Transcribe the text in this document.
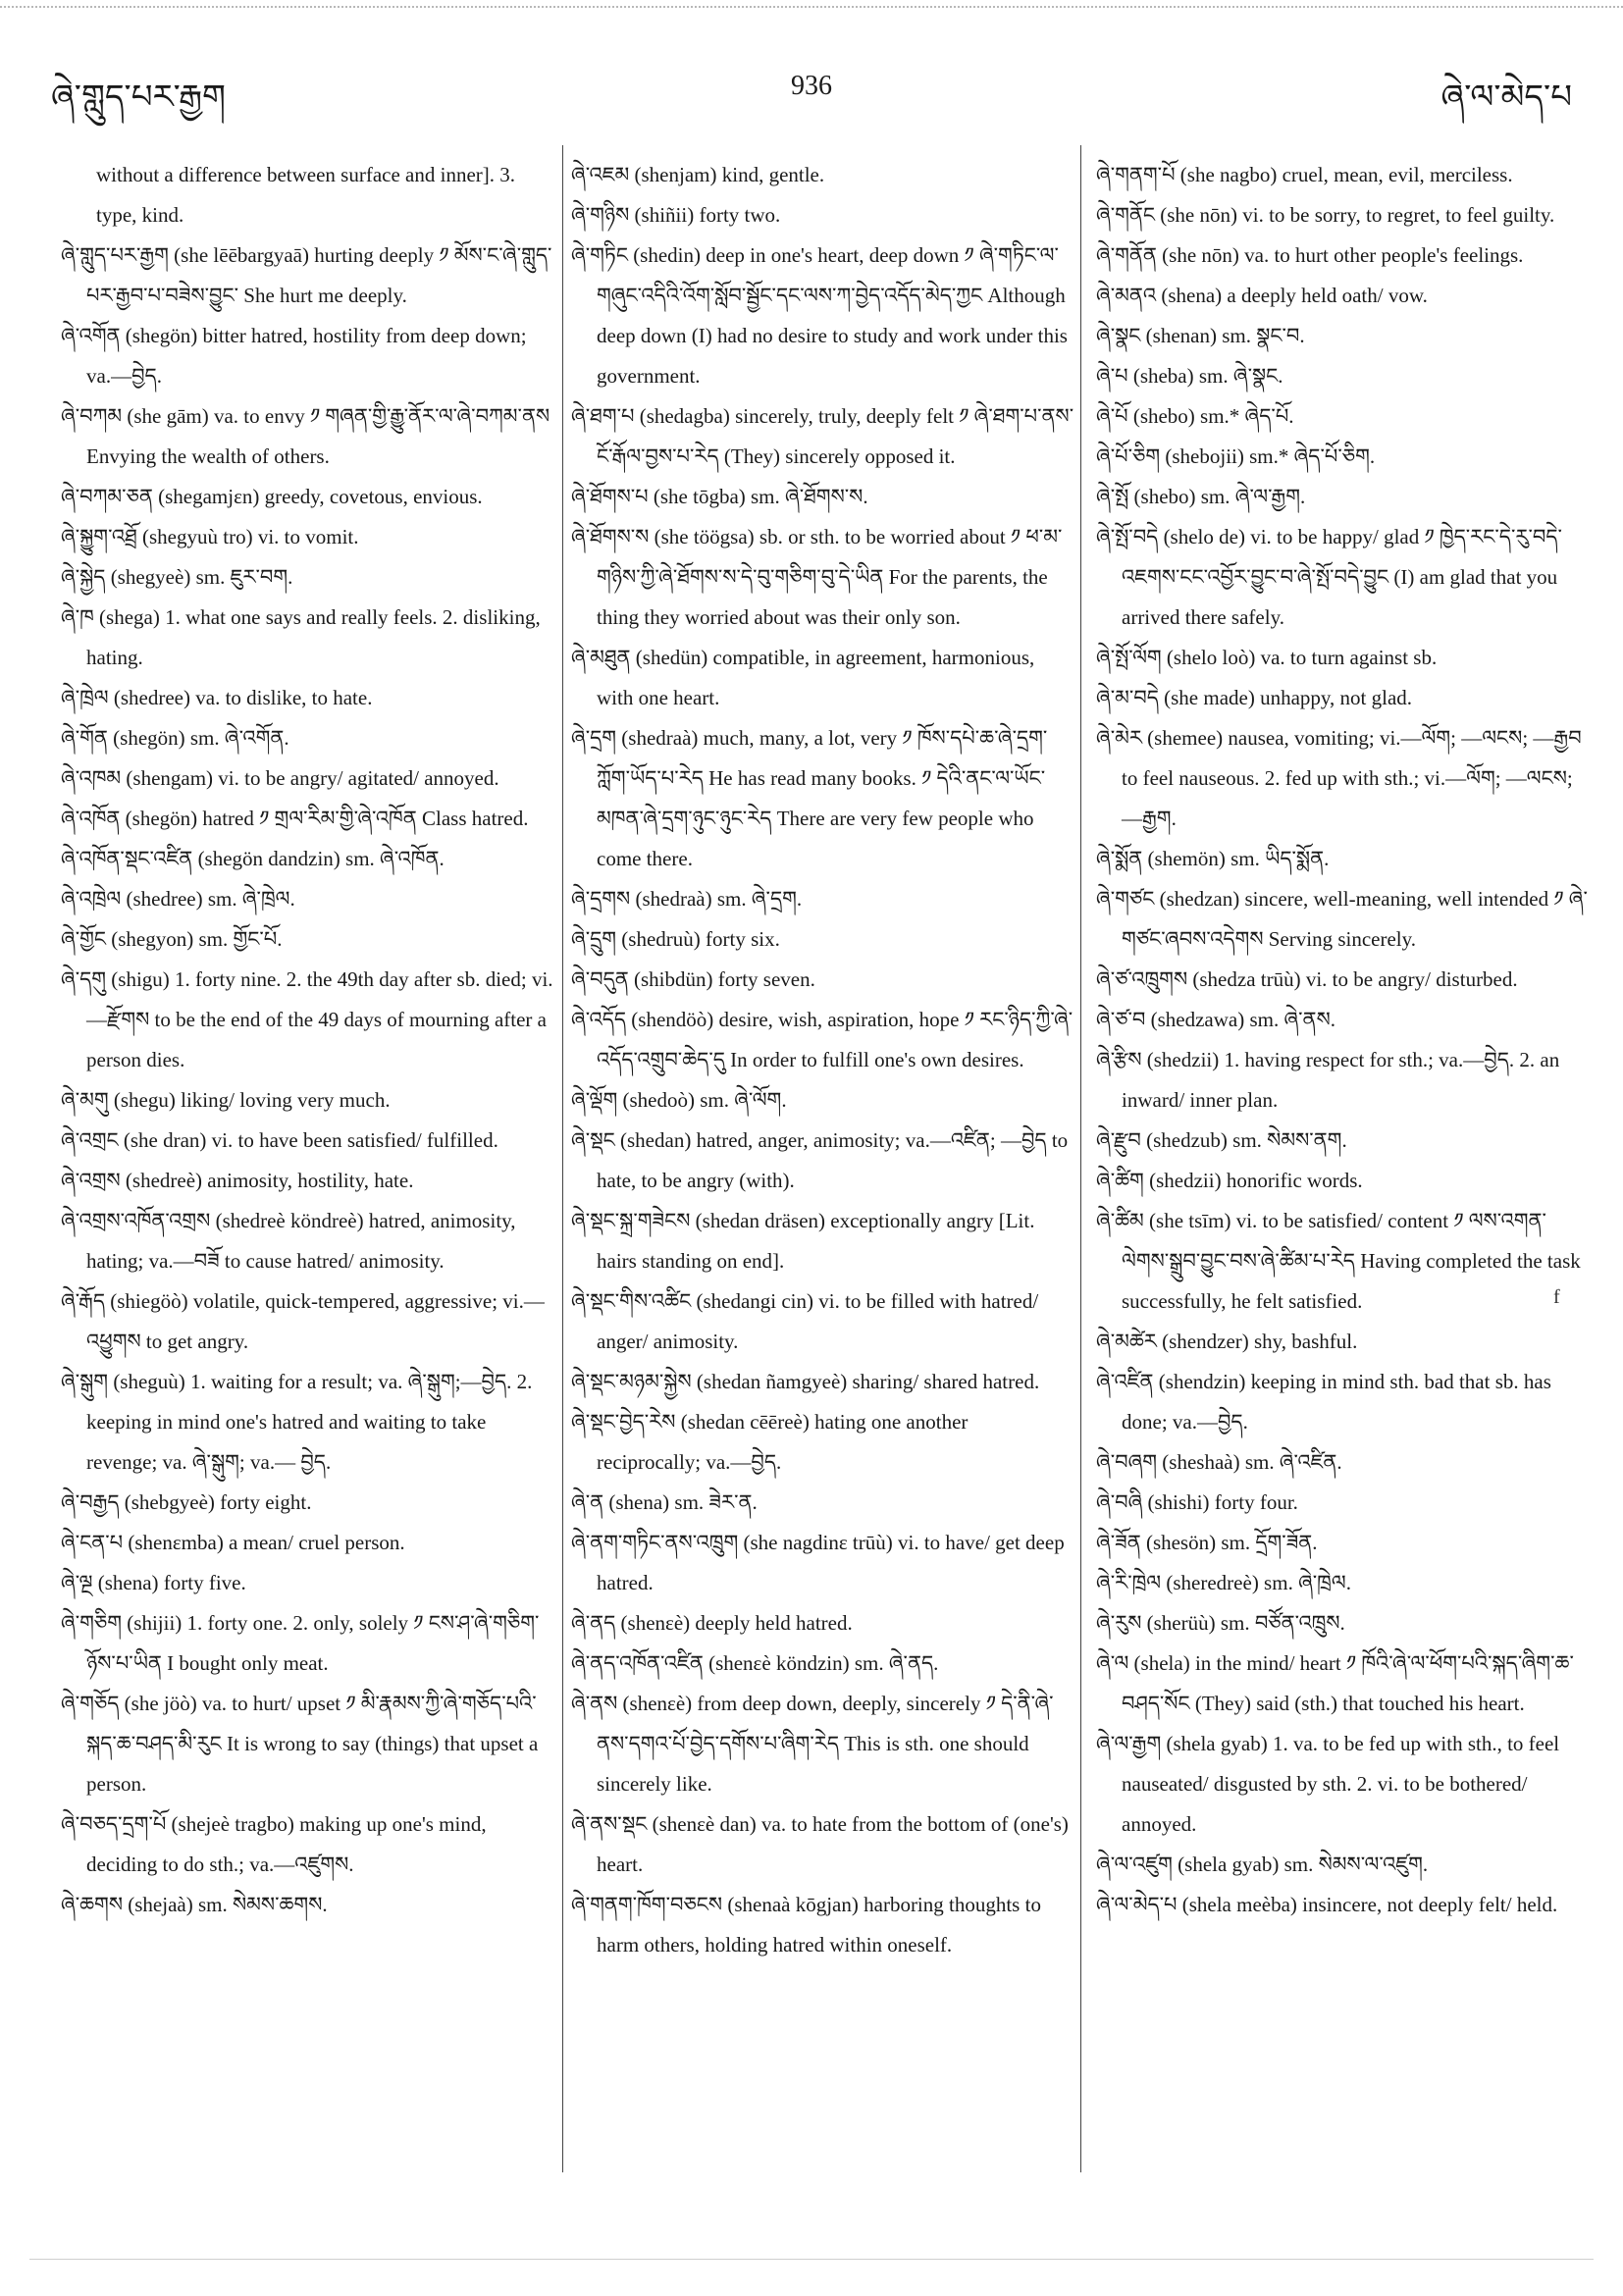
ཞེ་གླུད་པར་རྒྱག	936	ཞེ་ལ་མེད་པ

without a difference between surface and inner]. 3. type, kind.

ཞེ་གླུད་པར་རྒྱག (she lēēbargyaā) hurting deeply ༡ མོས་ང་ཞེ་གླུད་པར་རྒྱབ་པ་བཟེས་བྱུང་ She hurt me deeply.

ཞེ་འགོན (shegön) bitter hatred, hostility from deep down; va.—བྱེད.

ཞེ་བཀམ (she gām) va. to envy ༡ གཞན་གྱི་རྒྱུ་ནོར་ལ་ཞེ་བཀམ་ནས Envying the wealth of others.

ཞེ་བཀམ་ཅན (shegamjɛn) greedy, covetous, envious.

ཞེ་སྐྱུག་འཐྲོ (shegyuù tro) vi. to vomit.

ཞེ་སྐྱེད (shegyeè) sm. ཇུར་བག.

ཞེ་ཁ (shega) 1. what one says and really feels. 2. disliking, hating.

ཞེ་ཁྲེལ (shedree) va. to dislike, to hate.

ཞེ་གོན (shegön) sm. ཞེ་འགོན.

ཞེ་འཁམ (shengam) vi. to be angry/ agitated/ annoyed.

ཞེ་འཁོན (shegön) hatred ༡ གྲལ་རིམ་གྱི་ཞེ་འཁོན Class hatred.

ཞེ་འཁོན་སྡང་འཛིན (shegön dandzin) sm. ཞེ་འཁོན.

ཞེ་འཁྲེལ (shedree) sm. ཞེ་ཁྲེལ.

ཞེ་གྱོང (shegyon) sm. གྱོང་པོ.

ཞེ་དགུ (shigu) 1. forty nine. 2. the 49th day after sb. died; vi.—རྫོགས to be the end of the 49 days of mourning after a person dies.

ཞེ་མགུ (shegu) liking/ loving very much.

ཞེ་འགྲང (she dran) vi. to have been satisfied/ fulfilled.

ཞེ་འགྲས (shedreè) animosity, hostility, hate.

ཞེ་འགྲས་འཁོན་འགྲས (shedreè köndreè) hatred, animosity, hating; va.—བཟོ to cause hatred/ animosity.

ཞེ་རྒོད (shiegöò) volatile, quick-tempered, aggressive; vi.—འཕྱུགས to get angry.

ཞེ་སྒུག (sheguù) 1. waiting for a result; va. ཞེ་སྒུག;—བྱེད. 2. keeping in mind one's hatred and waiting to take revenge; va. ཞེ་སྒུག; va.— བྱེད.

ཞེ་བརྒྱད (shebgyeè) forty eight.

ཞེ་ངན་པ (shenɛmba) a mean/ cruel person.

ཞེ་ལྔ (shena) forty five.

ཞེ་གཅིག (shijii) 1. forty one. 2. only, solely ༡ ངས་ཤ་ཞེ་གཅིག་ཉོས་པ་ཡིན I bought only meat.

ཞེ་གཅོད (she jöò) va. to hurt/ upset ༡ མི་རྣམས་ཀྱི་ཞེ་གཅོད་པའི་སྐད་ཆ་བཤད་མི་རུང It is wrong to say (things) that upset a person.

ཞེ་བཅད་དྲག་པོ (shejeè tragbo) making up one's mind, deciding to do sth.; va.—འཛུགས.

ཞེ་ཆགས (shejaà) sm. སེམས་ཆགས.

ཞེ་འཇམ (shenjam) kind, gentle.

ཞེ་གཉིས (shiñii) forty two.

ཞེ་གཏིང (shedin) deep in one's heart, deep down ༡ ཞེ་གཏིང་ལ་གཞུང་འདིའི་འོག་སློབ་སྦྱོང་དང་ལས་ཀ་བྱེད་འདོད་མེད་ཀྱང Although deep down (I) had no desire to study and work under this government.

ཞེ་ཐག་པ (shedagba) sincerely, truly, deeply felt ༡ ཞེ་ཐག་པ་ནས་ངོ་རྒོལ་བྱས་པ་རེད (They) sincerely opposed it.

ཞེ་ཐོགས་པ (she tōgba) sm. ཞེ་ཐོགས་ས.

ཞེ་ཐོགས་ས (she töögsa) sb. or sth. to be worried about ༡ ཕ་མ་གཉིས་ཀྱི་ཞེ་ཐོགས་ས་དེ་བུ་གཅིག་བུ་དེ་ཡིན For the parents, the thing they worried about was their only son.

ཞེ་མཐུན (shedün) compatible, in agreement, harmonious, with one heart.

ཞེ་དྲག (shedraà) much, many, a lot, very ༡ ཁོས་དཔེ་ཆ་ཞེ་དྲག་ཀློག་ཡོད་པ་རེད He has read many books. ༡ དེའི་ནང་ལ་ཡོང་མཁན་ཞེ་དྲག་ཉུང་ཉུང་རེད There are very few people who come there.

ཞེ་དྲགས (shedraà) sm. ཞེ་དྲག.

ཞེ་དྲུག (shedruù) forty six.

ཞེ་བདུན (shibdün) forty seven.

ཞེ་འདོད (shendöò) desire, wish, aspiration, hope ༡ རང་ཉིད་ཀྱི་ཞེ་འདོད་འགྲུབ་ཆེད་དུ In order to fulfill one's own desires.

ཞེ་ལྡོག (shedoò) sm. ཞེ་ལོག.

ཞེ་སྡང (shedan) hatred, anger, animosity; va.—འཛིན; —བྱེད to hate, to be angry (with).

ཞེ་སྡང་སྐྲ་གཟེངས (shedan dräsen) exceptionally angry [Lit. hairs standing on end].

ཞེ་སྡང་གིས་འཚིང (shedangi cin) vi. to be filled with hatred/ anger/ animosity.

ཞེ་སྡང་མཉམ་སྐྱེས (shedan ñamgyeè) sharing/ shared hatred.

ཞེ་སྡང་བྱེད་རེས (shedan cēēreè) hating one another reciprocally; va.—བྱེད.

ཞེ་ན (shena) sm. ཟེར་ན.

ཞེ་ནག་གཏིང་ནས་འཁྲུག (she nagdinɛ trūù) vi. to have/ get deep hatred.

ཞེ་ནད (shenɛè) deeply held hatred.

ཞེ་ནད་འཁོན་འཛིན (shenɛè köndzin) sm. ཞེ་ནད.

ཞེ་ནས (shenɛè) from deep down, deeply, sincerely ༡ དེ་ནི་ཞེ་ནས་དགའ་པོ་བྱེད་དགོས་པ་ཞིག་རེད This is sth. one should sincerely like.

ཞེ་ནས་སྡང (shenɛè dan) va. to hate from the bottom of (one's) heart.

ཞེ་གནག་ཁོག་བཅངས (shenaà kōgjan) harboring thoughts to harm others, holding hatred within oneself.

ཞེ་གནག་པོ (she nagbo) cruel, mean, evil, merciless.

ཞེ་གནོང (she nōn) vi. to be sorry, to regret, to feel guilty.

ཞེ་གནོན (she nōn) va. to hurt other people's feelings.

ཞེ་མནའ (shena) a deeply held oath/ vow.

ཞེ་སྣང (shenan) sm. སྣང་བ.

ཞེ་པ (sheba) sm. ཞེ་སྣང.

ཞེ་པོ (shebo) sm.* ཞེད་པོ.

ཞེ་པོ་ཅིག (shebojii) sm.* ཞེད་པོ་ཅིག.

ཞེ་སྤོ (shebo) sm. ཞེ་ལ་རྒྱག.

ཞེ་སྤོ་བདེ (shelo de) vi. to be happy/ glad ༡ ཁྱེད་རང་དེ་རུ་བདེ་འཇགས་ངང་འབྱོར་བྱུང་བ་ཞེ་སྤོ་བདེ་བྱུང (I) am glad that you arrived there safely.

ཞེ་སྤོ་ལོག (shelo loò) va. to turn against sb.

ཞེ་མ་བདེ (she made) unhappy, not glad.

ཞེ་མེར (shemee) nausea, vomiting; vi.—ལོག; —ལངས; —རྒྱབ to feel nauseous. 2. fed up with sth.; vi.—ལོག; —ལངས; —རྒྱག.

ཞེ་སྨོན (shemön) sm. ཡིད་སྨོན.

ཞེ་གཙང (shedzan) sincere, well-meaning, well intended ༡ ཞེ་གཙང་ཞབས་འདེགས Serving sincerely.

ཞེ་ཙ་འཁྲུགས (shedza trūù) vi. to be angry/ disturbed.

ཞེ་ཙ་བ (shedzawa) sm. ཞེ་ནས.

ཞེ་རྩིས (shedzii) 1. having respect for sth.; va.—བྱེད. 2. an inward/ inner plan.

ཞེ་རྫུབ (shedzub) sm. སེམས་ནག.

ཞེ་ཚིག (shedzii) honorific words.

ཞེ་ཚིམ (she tsīm) vi. to be satisfied/ content ༡ ལས་འགན་ལེགས་སྒྲུབ་བྱུང་བས་ཞེ་ཚིམ་པ་རེད Having completed the task successfully, he felt satisfied.

ཞེ་མཚེར (shendzer) shy, bashful.

ཞེ་འཛིན (shendzin) keeping in mind sth. bad that sb. has done; va.—བྱེད.

ཞེ་བཞག (sheshaà) sm. ཞེ་འཛིན.

ཞེ་བཞི (shishi) forty four.

ཞེ་ཟོན (shesön) sm. དྲོག་ཟོན.

ཞེ་རི་ཁྲེལ (sheredreè) sm. ཞེ་ཁྲེལ.

ཞེ་རུས (sherüù) sm. བཙོན་འཁྲུས.

ཞེ་ལ (shela) in the mind/ heart ༡ ཁོའི་ཞེ་ལ་ཕོག་པའི་སྐད་ཞིག་ཆ་བཤད་སོང (They) said (sth.) that touched his heart.

ཞེ་ལ་རྒྱག (shela gyab) 1. va. to be fed up with sth., to feel nauseated/ disgusted by sth. 2. vi. to be bothered/ annoyed.

ཞེ་ལ་འཛུག (shela gyab) sm. སེམས་ལ་འཛུག.

ཞེ་ལ་མེད་པ (shela meèba) insincere, not deeply felt/ held.

f
